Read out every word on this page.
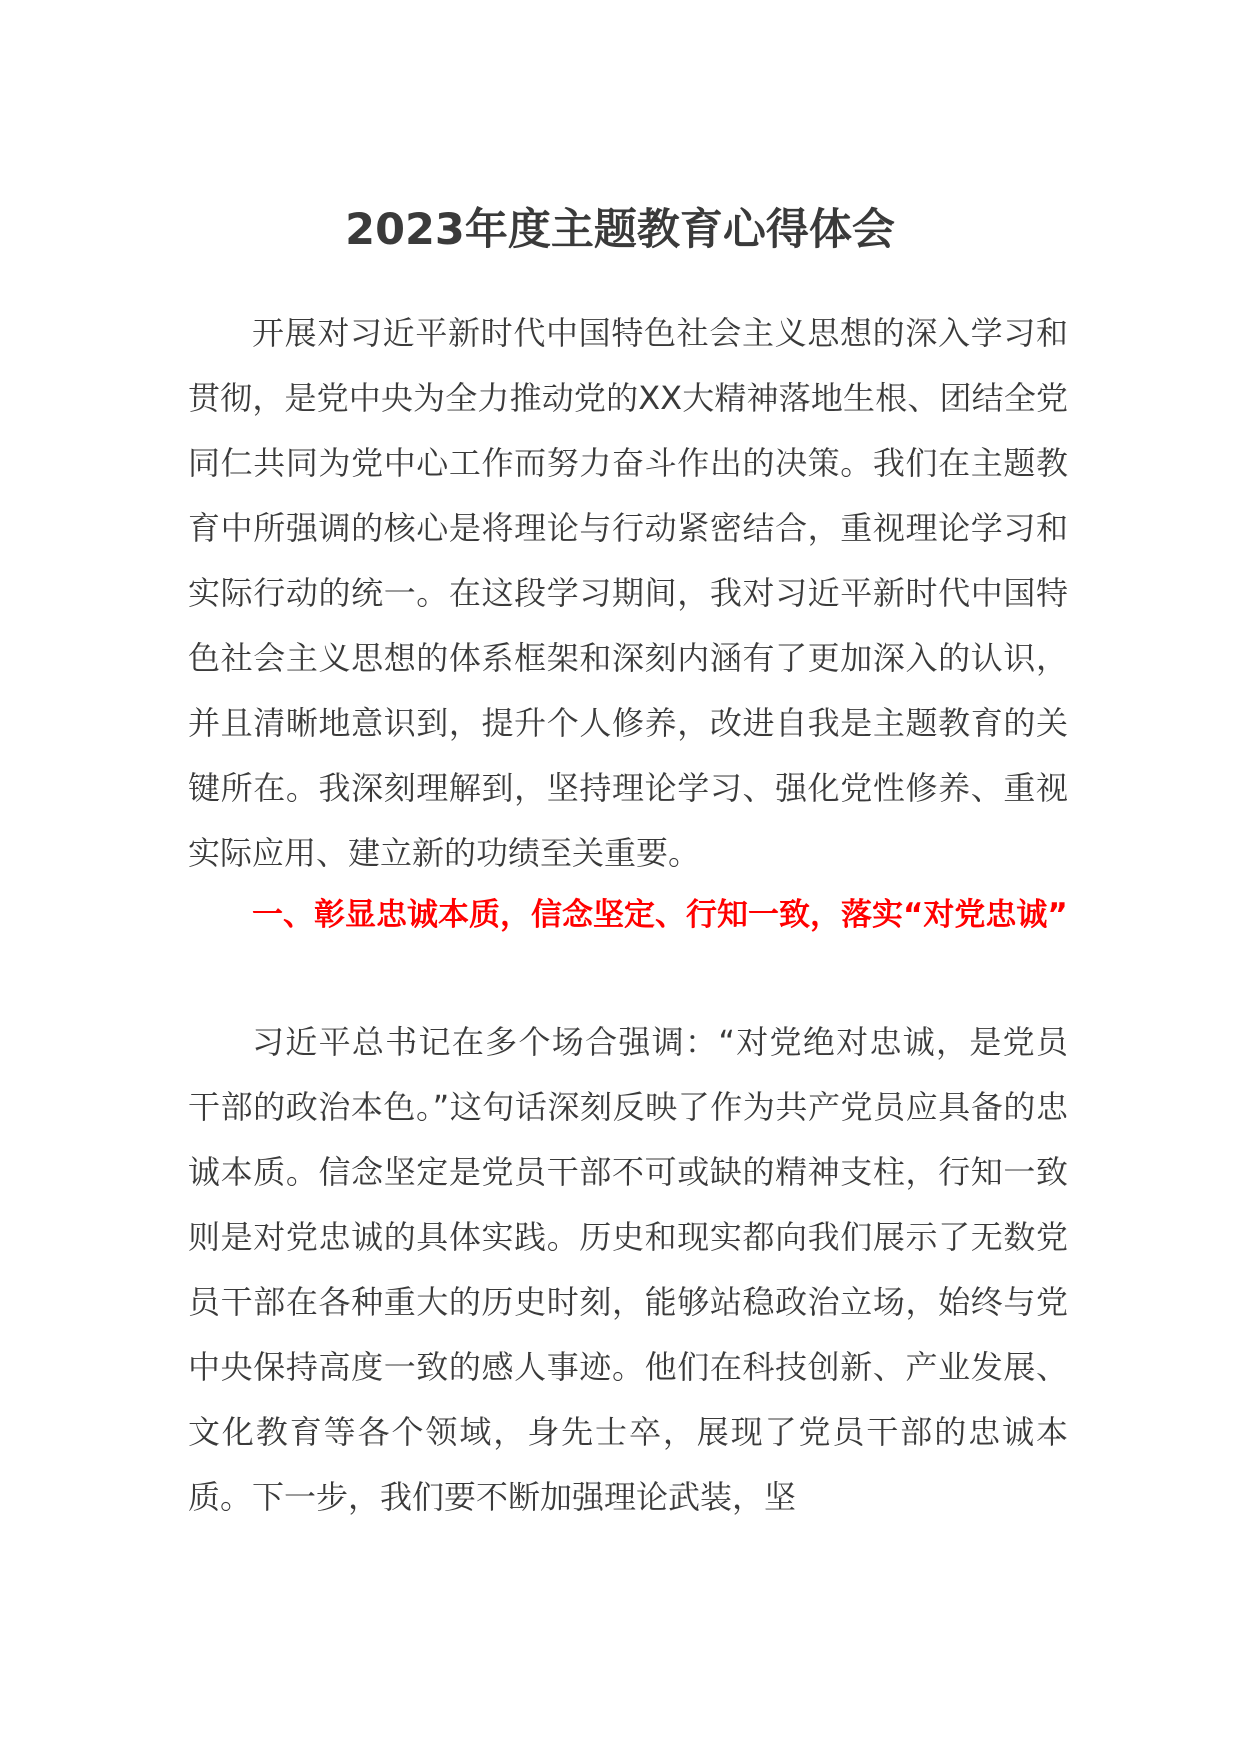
2023年度主题教育心得体会

开展对习近平新时代中国特色社会主义思想的深入学习和贯彻，是党中央为全力推动党的XX大精神落地生根、团结全党同仁共同为党中心工作而努力奋斗作出的决策。我们在主题教育中所强调的核心是将理论与行动紧密结合，重视理论学习和实际行动的统一。在这段学习期间，我对习近平新时代中国特色社会主义思想的体系框架和深刻内涵有了更加深入的认识，并且清晰地意识到，提升个人修养，改进自我是主题教育的关键所在。我深刻理解到，坚持理论学习、强化党性修养、重视实际应用、建立新的功绩至关重要。

一、彰显忠诚本质，信念坚定、行知一致，落实“对党忠诚”

习近平总书记在多个场合强调：“对党绝对忠诚，是党员干部的政治本色。”这句话深刻反映了作为共产党员应具备的忠诚本质。信念坚定是党员干部不可或缺的精神支柱，行知一致则是对党忠诚的具体实践。历史和现实都向我们展示了无数党员干部在各种重大的历史时刻，能够站稳政治立场，始终与党中央保持高度一致的感人事迹。他们在科技创新、产业发展、文化教育等各个领域，身先士卒，展现了党员干部的忠诚本质。下一步，我们要不断加强理论武装，坚
